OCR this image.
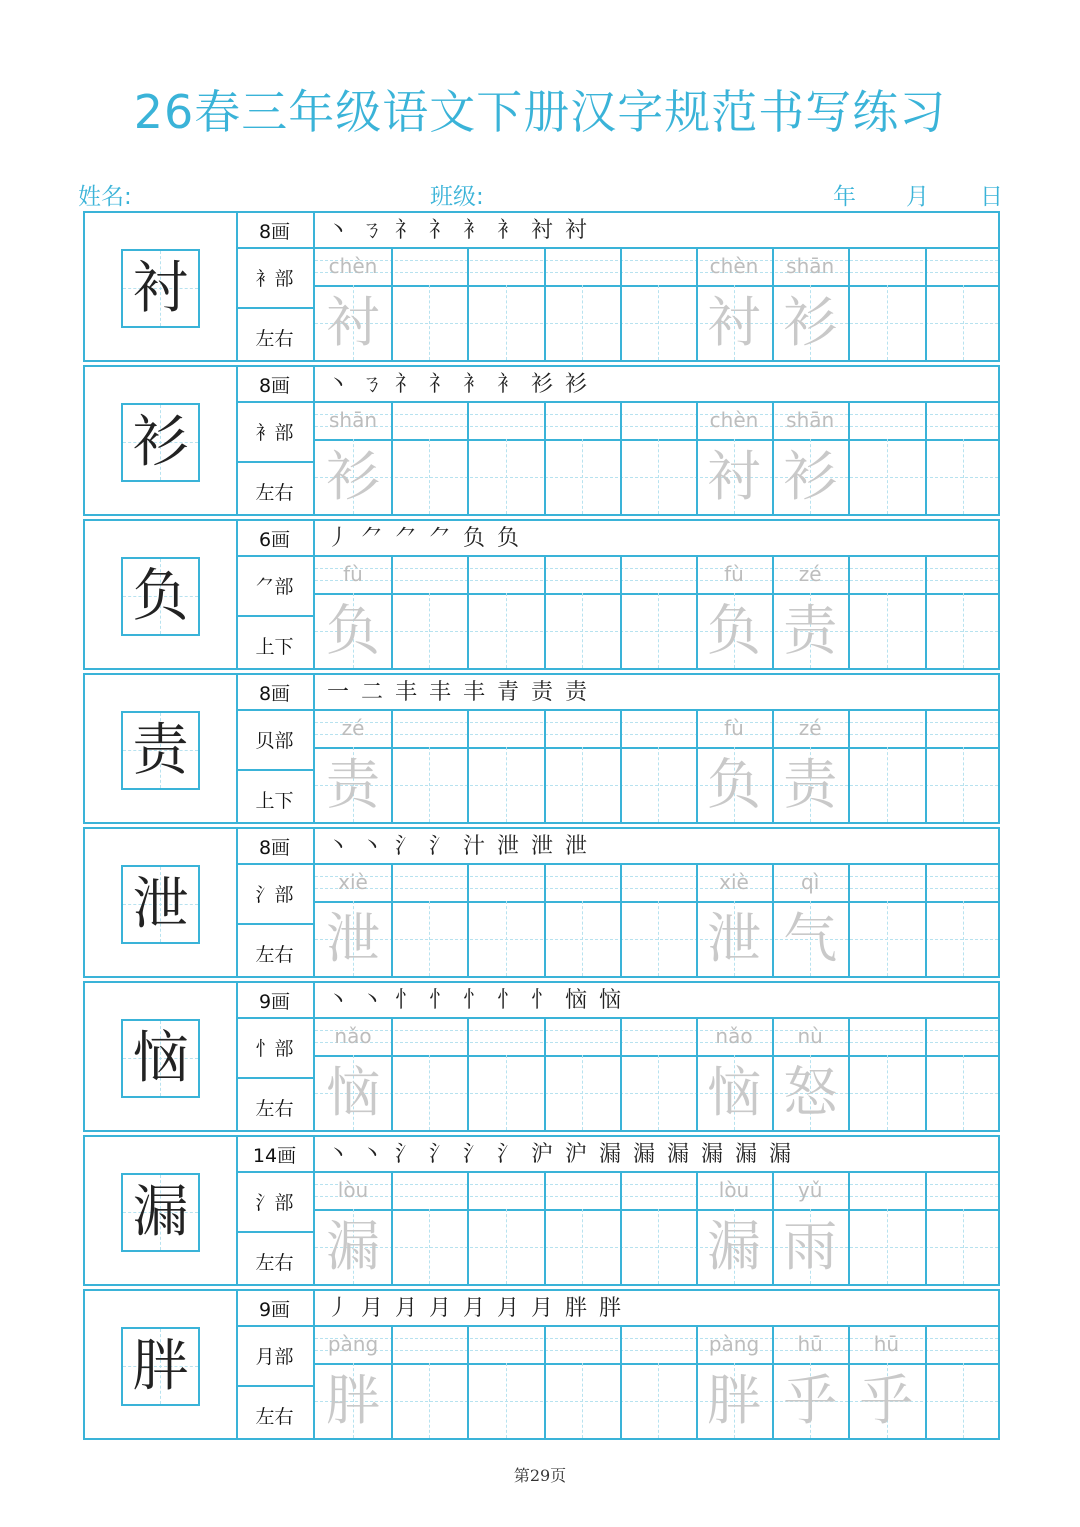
26春三年级语文下册汉字规范书写练习
姓名:	班级:	年 月 日
衬
8画
衤部
左右
丶 ㄋ 礻 礻 衤 衤 衬 衬
chèn
衬
chèn
衬
shān
衫
衫
8画
衤部
左右
丶 ㄋ 礻 礻 衤 衤 衫 衫
shān
衫
chèn
衬
shān
衫
负
6画
⺈部
上下
丿 ⺈ ⺈ ⺈ 负 负
fù
负
fù
负
zé
责
责
8画
贝部
上下
一 二 丰 丰 丰 青 责 责
zé
责
fù
负
zé
责
泄
8画
氵部
左右
丶 丶 氵 氵 汁 泄 泄 泄
xiè
泄
xiè
泄
qì
气
恼
9画
忄部
左右
丶 丶 忄 忄 忄 忄 忄 恼 恼
nǎo
恼
nǎo
恼
nù
怒
漏
14画
氵部
左右
丶 丶 氵 氵 氵 氵 沪 沪 漏 漏 漏 漏 漏 漏
lòu
漏
lòu
漏
yǔ
雨
胖
9画
月部
左右
丿 月 月 月 月 月 月 胖 胖
pàng
胖
pàng
胖
hū
乎
hū
乎
第29页
